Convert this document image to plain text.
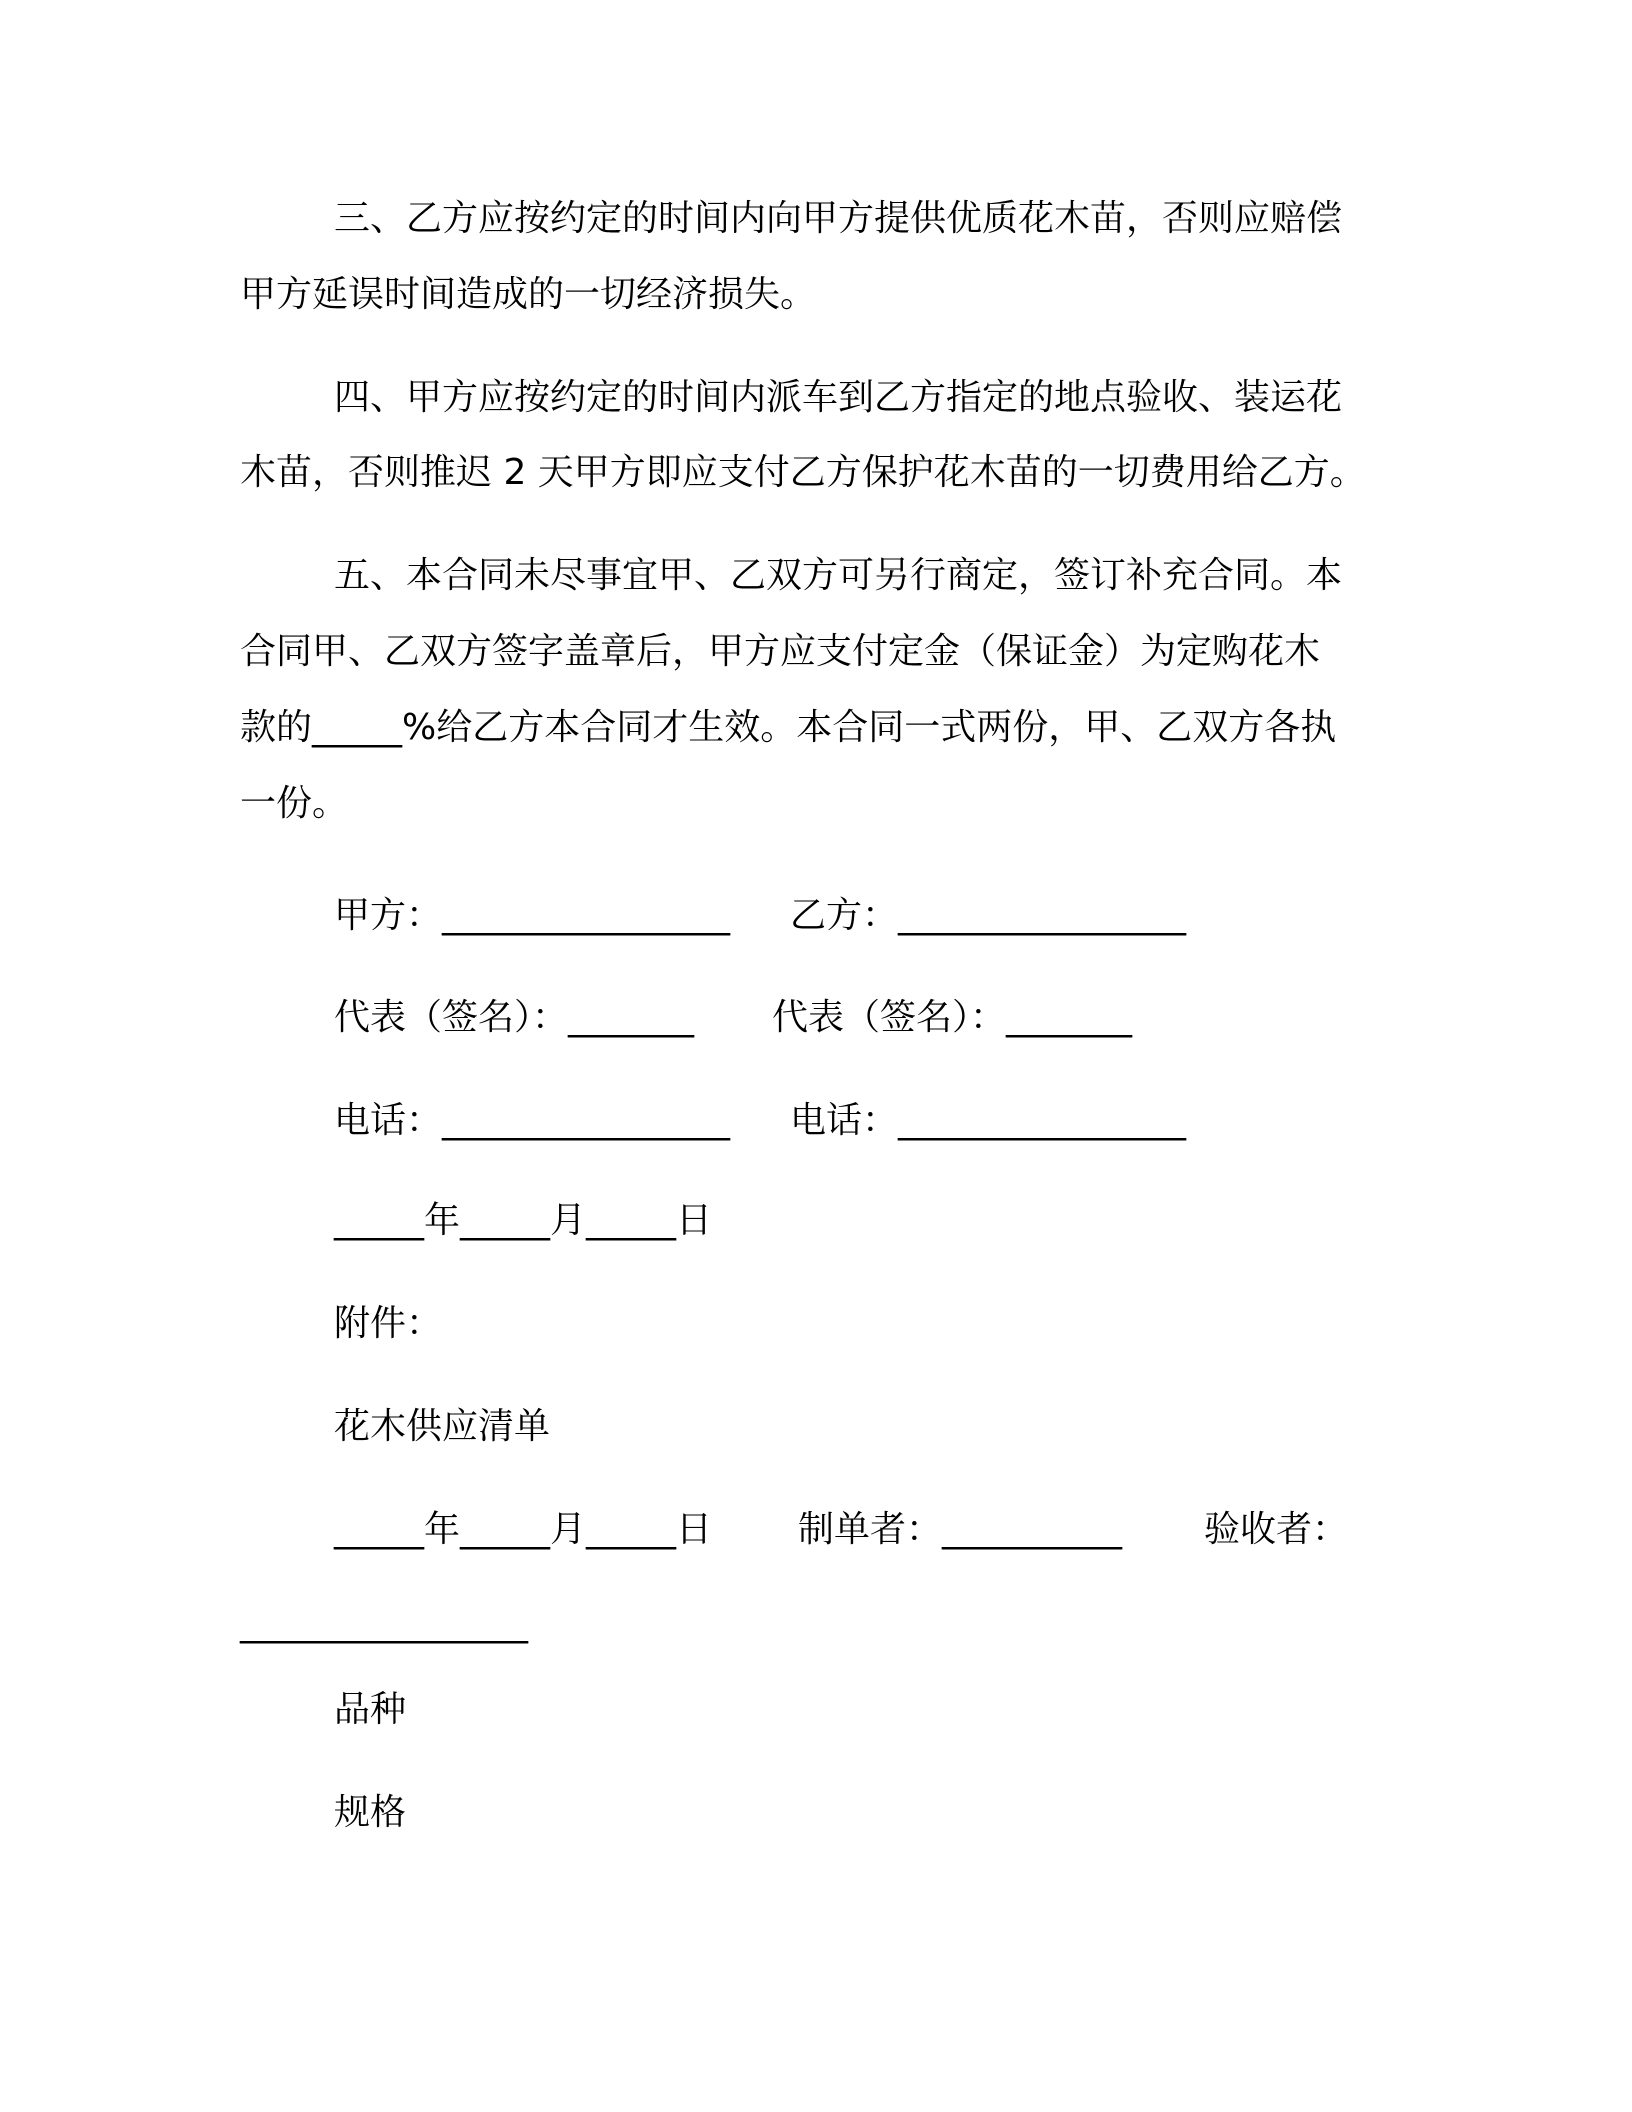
三、乙方应按约定的时间内向甲方提供优质花木苗，否则应赔偿
甲方延误时间造成的一切经济损失。
四、甲方应按约定的时间内派车到乙方指定的地点验收、装运花
木苗，否则推迟 2 天甲方即应支付乙方保护花木苗的一切费用给乙方。
五、本合同未尽事宜甲、乙双方可另行商定，签订补充合同。本
合同甲、乙双方签字盖章后，甲方应支付定金（保证金）为定购花木
款的_____%给乙方本合同才生效。本合同一式两份，甲、乙双方各执
一份。
甲方：________________ 乙方：________________
代表（签名）：_______ 代表（签名）：_______
电话：________________ 电话：________________
_____年_____月_____日
附件：
花木供应清单
_____年_____月_____日 制单者：__________ 验收者：
________________
品种
规格
